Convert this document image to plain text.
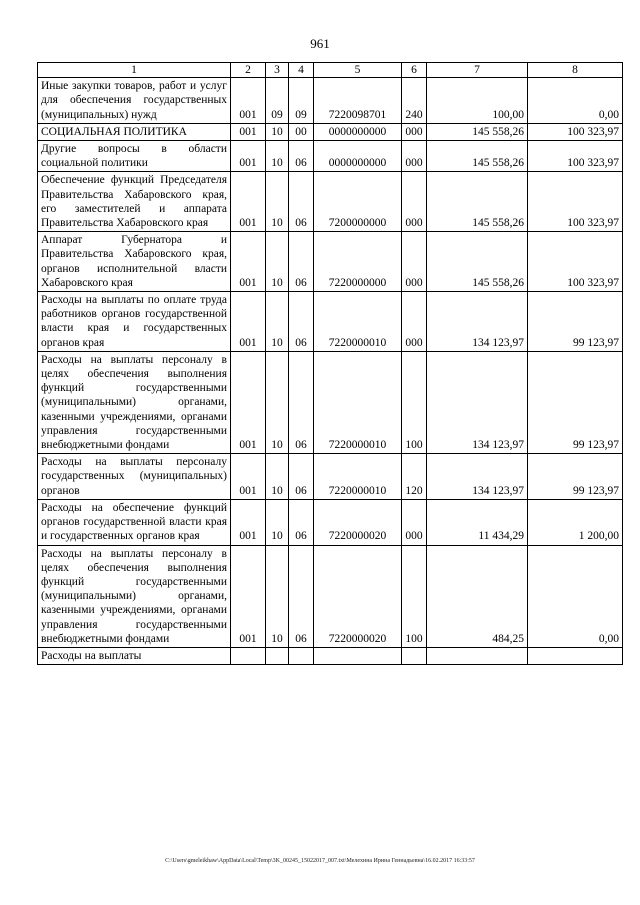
961
1	2	3	4	5	6	7	8
Иные закупки товаров, работ и услуг для обеспечения государственных (муниципальных) нужд	001	09	09	7220098701	240	100,00	0,00
СОЦИАЛЬНАЯ ПОЛИТИКА	001	10	00	0000000000	000	145 558,26	100 323,97
Другие вопросы в области социальной политики	001	10	06	0000000000	000	145 558,26	100 323,97
Обеспечение функций Председателя Правительства Хабаровского края, его заместителей и аппарата Правительства Хабаровского края	001	10	06	7200000000	000	145 558,26	100 323,97
Аппарат Губернатора и Правительства Хабаровского края, органов исполнительной власти Хабаровского края	001	10	06	7220000000	000	145 558,26	100 323,97
Расходы на выплаты по оплате труда работников органов государственной власти края и государственных органов края	001	10	06	7220000010	000	134 123,97	99 123,97
Расходы на выплаты персоналу в целях обеспечения выполнения функций государственными (муниципальными) органами, казенными учреждениями, органами управления государственными внебюджетными фондами	001	10	06	7220000010	100	134 123,97	99 123,97
Расходы на выплаты персоналу государственных (муниципальных) органов	001	10	06	7220000010	120	134 123,97	99 123,97
Расходы на обеспечение функций органов государственной власти края и государственных органов края	001	10	06	7220000020	000	11 434,29	1 200,00
Расходы на выплаты персоналу в целях обеспечения выполнения функций государственными (муниципальными) органами, казенными учреждениями, органами управления государственными внебюджетными фондами	001	10	06	7220000020	100	484,25	0,00
Расходы на выплаты							
C:\Users\gmeleikhaw\AppData\Local\Temp\3K_00245_15022017_007.txt\Мелехина Ирина Геннадьевна\16.02.2017 16:33:57
